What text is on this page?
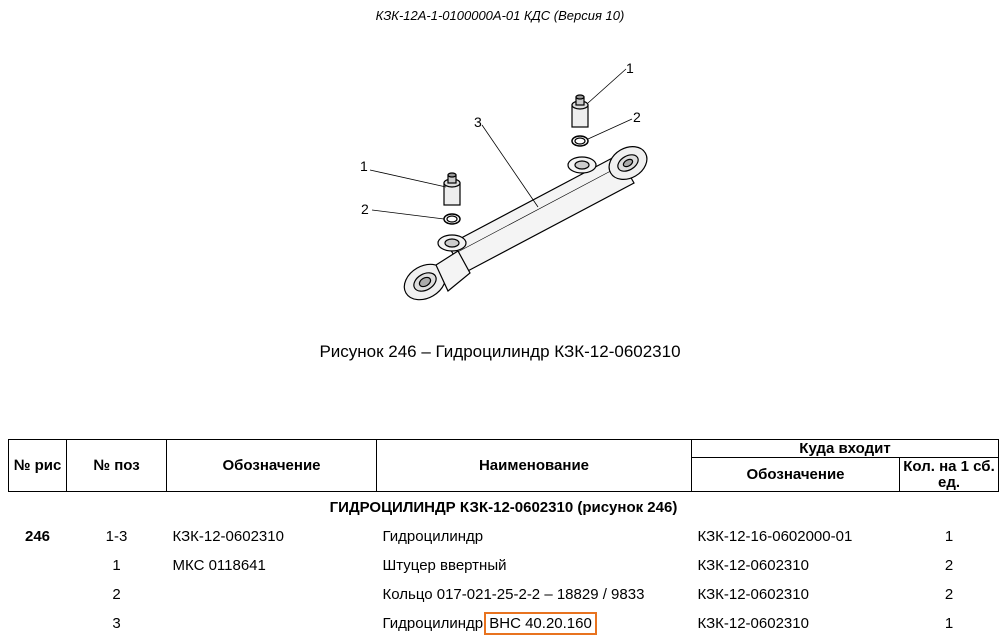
КЗК-12А-1-0100000А-01 КДС (Версия 10)
1
2
3
1
2
Рисунок 246 – Гидроцилиндр КЗК-12-0602310
№ рис	№ поз	Обозначение	Наименование	Куда входит	
				Обозначение	Кол. на 1 сб. ед.
ГИДРОЦИЛИНДР КЗК-12-0602310 (рисунок 246)					
246	1-3	КЗК-12-0602310	Гидроцилиндр	КЗК-12-16-0602000-01	1
	1	МКС 0118641	Штуцер ввертный	КЗК-12-0602310	2
	2		Кольцо 017-021-25-2-2 – 18829 / 9833	КЗК-12-0602310	2
	3		Гидроцилиндр ВНС 40.20.160	КЗК-12-0602310	1
